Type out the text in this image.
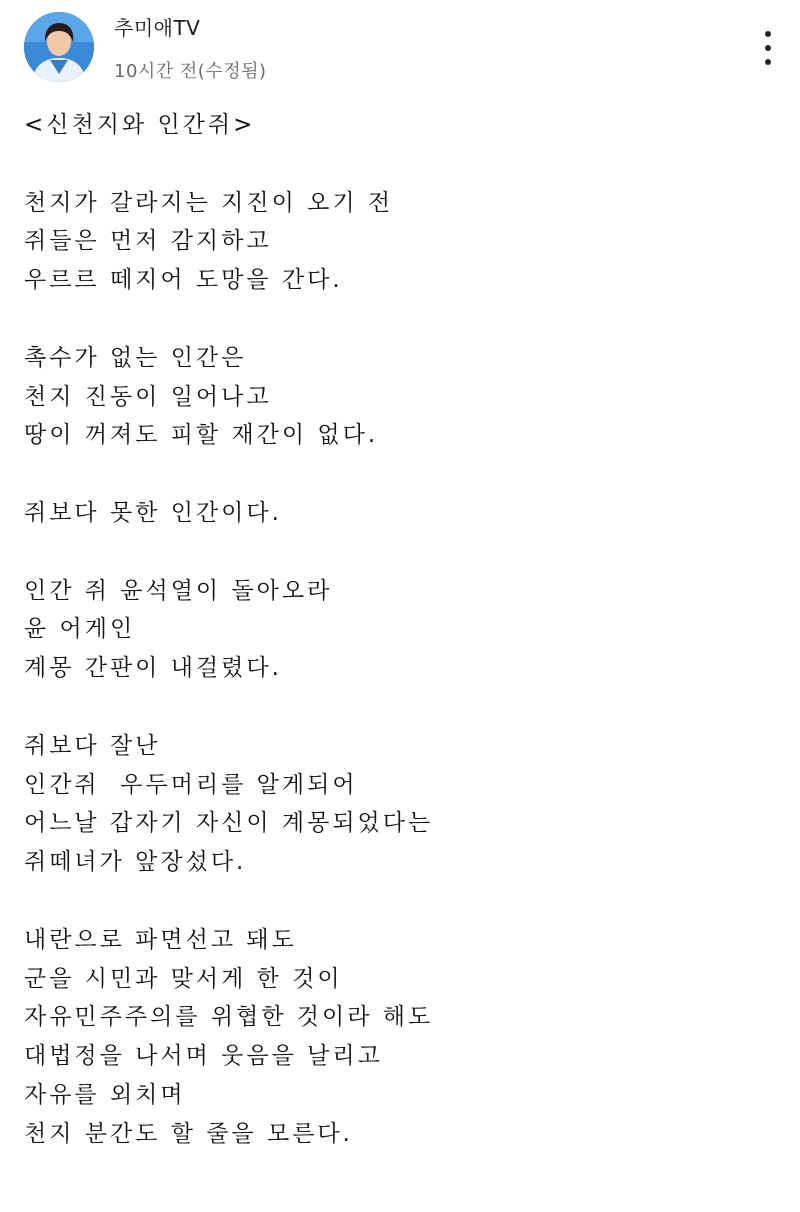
추미애TV
10시간 전(수정됨)
<신천지와 인간쥐>
천지가 갈라지는 지진이 오기 전
쥐들은 먼저 감지하고
우르르 떼지어 도망을 간다.
촉수가 없는 인간은
천지 진동이 일어나고
땅이 꺼져도 피할 재간이 없다.
쥐보다 못한 인간이다.
인간 쥐 윤석열이 돌아오라
윤 어게인
계몽 간판이 내걸렸다.
쥐보다 잘난
인간쥐  우두머리를 알게되어
어느날 갑자기 자신이 계몽되었다는
쥐떼녀가 앞장섰다.
내란으로 파면선고 돼도
군을 시민과 맞서게 한 것이
자유민주주의를 위협한 것이라 해도
대법정을 나서며 웃음을 날리고
자유를 외치며
천지 분간도 할 줄을 모른다.
